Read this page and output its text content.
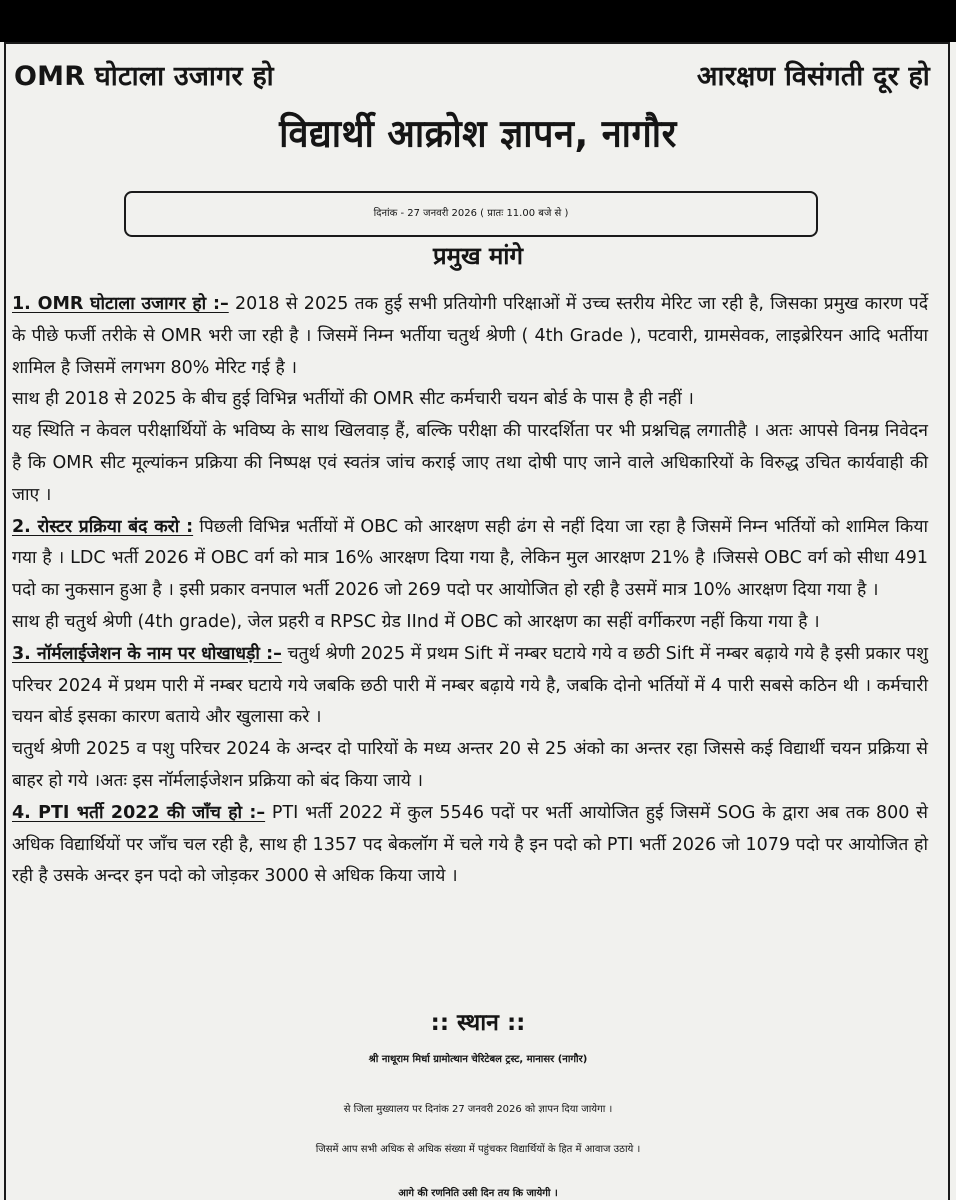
OMR घोटाला उजागर हो	आरक्षण विसंगती दूर हो
विद्यार्थी आक्रोश ज्ञापन, नागौर
दिनांक - 27 जनवरी 2026 ( प्रातः 11.00 बजे से )
प्रमुख मांगे

1. OMR घोटाला उजागर हो :– 2018 से 2025 तक हुई सभी प्रतियोगी परिक्षाओं में उच्च स्तरीय मेरिट जा रही है, जिसका प्रमुख कारण पर्दे के पीछे फर्जी तरीके से OMR भरी जा रही है । जिसमें निम्न भर्तीया चतुर्थ श्रेणी ( 4th Grade ), पटवारी, ग्रामसेवक, लाइब्रेरियन आदि भर्तीया शामिल है जिसमें लगभग 80% मेरिट गई है ।

साथ ही 2018 से 2025 के बीच हुई विभिन्न भर्तीयों की OMR सीट कर्मचारी चयन बोर्ड के पास है ही नहीं ।

यह स्थिति न केवल परीक्षार्थियों के भविष्य के साथ खिलवाड़ हैं, बल्कि परीक्षा की पारदर्शिता पर भी प्रश्नचिह्न लगातीहै । अतः आपसे विनम्र निवेदन है कि OMR सीट मूल्यांकन प्रक्रिया की निष्पक्ष एवं स्वतंत्र जांच कराई जाए तथा दोषी पाए जाने वाले अधिकारियों के विरुद्ध उचित कार्यवाही की जाए ।

2. रोस्टर प्रक्रिया बंद करो : पिछली विभिन्न भर्तीयों में OBC को आरक्षण सही ढंग से नहीं दिया जा रहा है जिसमें निम्न भर्तियों को शामिल किया गया है । LDC भर्ती 2026 में OBC वर्ग को मात्र 16% आरक्षण दिया गया है, लेकिन मुल आरक्षण 21% है ।जिससे OBC वर्ग को सीधा 491 पदो का नुकसान हुआ है । इसी प्रकार वनपाल भर्ती 2026 जो 269 पदो पर आयोजित हो रही है उसमें मात्र 10% आरक्षण दिया गया है ।

साथ ही चतुर्थ श्रेणी (4th grade), जेल प्रहरी व RPSC ग्रेड IInd में OBC को आरक्षण का सहीं वर्गीकरण नहीं किया गया है ।

3. नॉर्मलाईजेशन के नाम पर धोखाधड़ी :– चतुर्थ श्रेणी 2025 में प्रथम Sift में नम्बर घटाये गये व छठी Sift में नम्बर बढ़ाये गये है इसी प्रकार पशु परिचर 2024 में प्रथम पारी में नम्बर घटाये गये जबकि छठी पारी में नम्बर बढ़ाये गये है, जबकि दोनो भर्तियों में 4 पारी सबसे कठिन थी । कर्मचारी चयन बोर्ड इसका कारण बताये और खुलासा करे ।

चतुर्थ श्रेणी 2025 व पशु परिचर 2024 के अन्दर दो पारियों के मध्य अन्तर 20 से 25 अंको का अन्तर रहा जिससे कई विद्यार्थी चयन प्रक्रिया से बाहर हो गये ।अतः इस नॉर्मलाईजेशन प्रक्रिया को बंद किया जाये ।

4. PTI भर्ती 2022 की जाँच हो :– PTI भर्ती 2022 में कुल 5546 पदों पर भर्ती आयोजित हुई जिसमें SOG के द्वारा अब तक 800 से अधिक विद्यार्थियों पर जाँच चल रही है, साथ ही 1357 पद बेकलॉग में चले गये है इन पदो को PTI भर्ती 2026 जो 1079 पदो पर आयोजित हो रही है उसके अन्दर इन पदो को जोड़कर 3000 से अधिक किया जाये ।

:: स्थान ::
श्री नाथूराम मिर्धा ग्रामोत्थान चेरिटेबल ट्रस्ट, मानासर (नागौर)
से जिला मुख्यालय पर दिनांक 27 जनवरी 2026 को ज्ञापन दिया जायेगा ।
जिसमें आप सभी अधिक से अधिक संख्या में पहुंचकर विद्यार्थियों के हित में आवाज उठाये ।
आगे की रणनिति उसी दिन तय कि जायेगी ।
